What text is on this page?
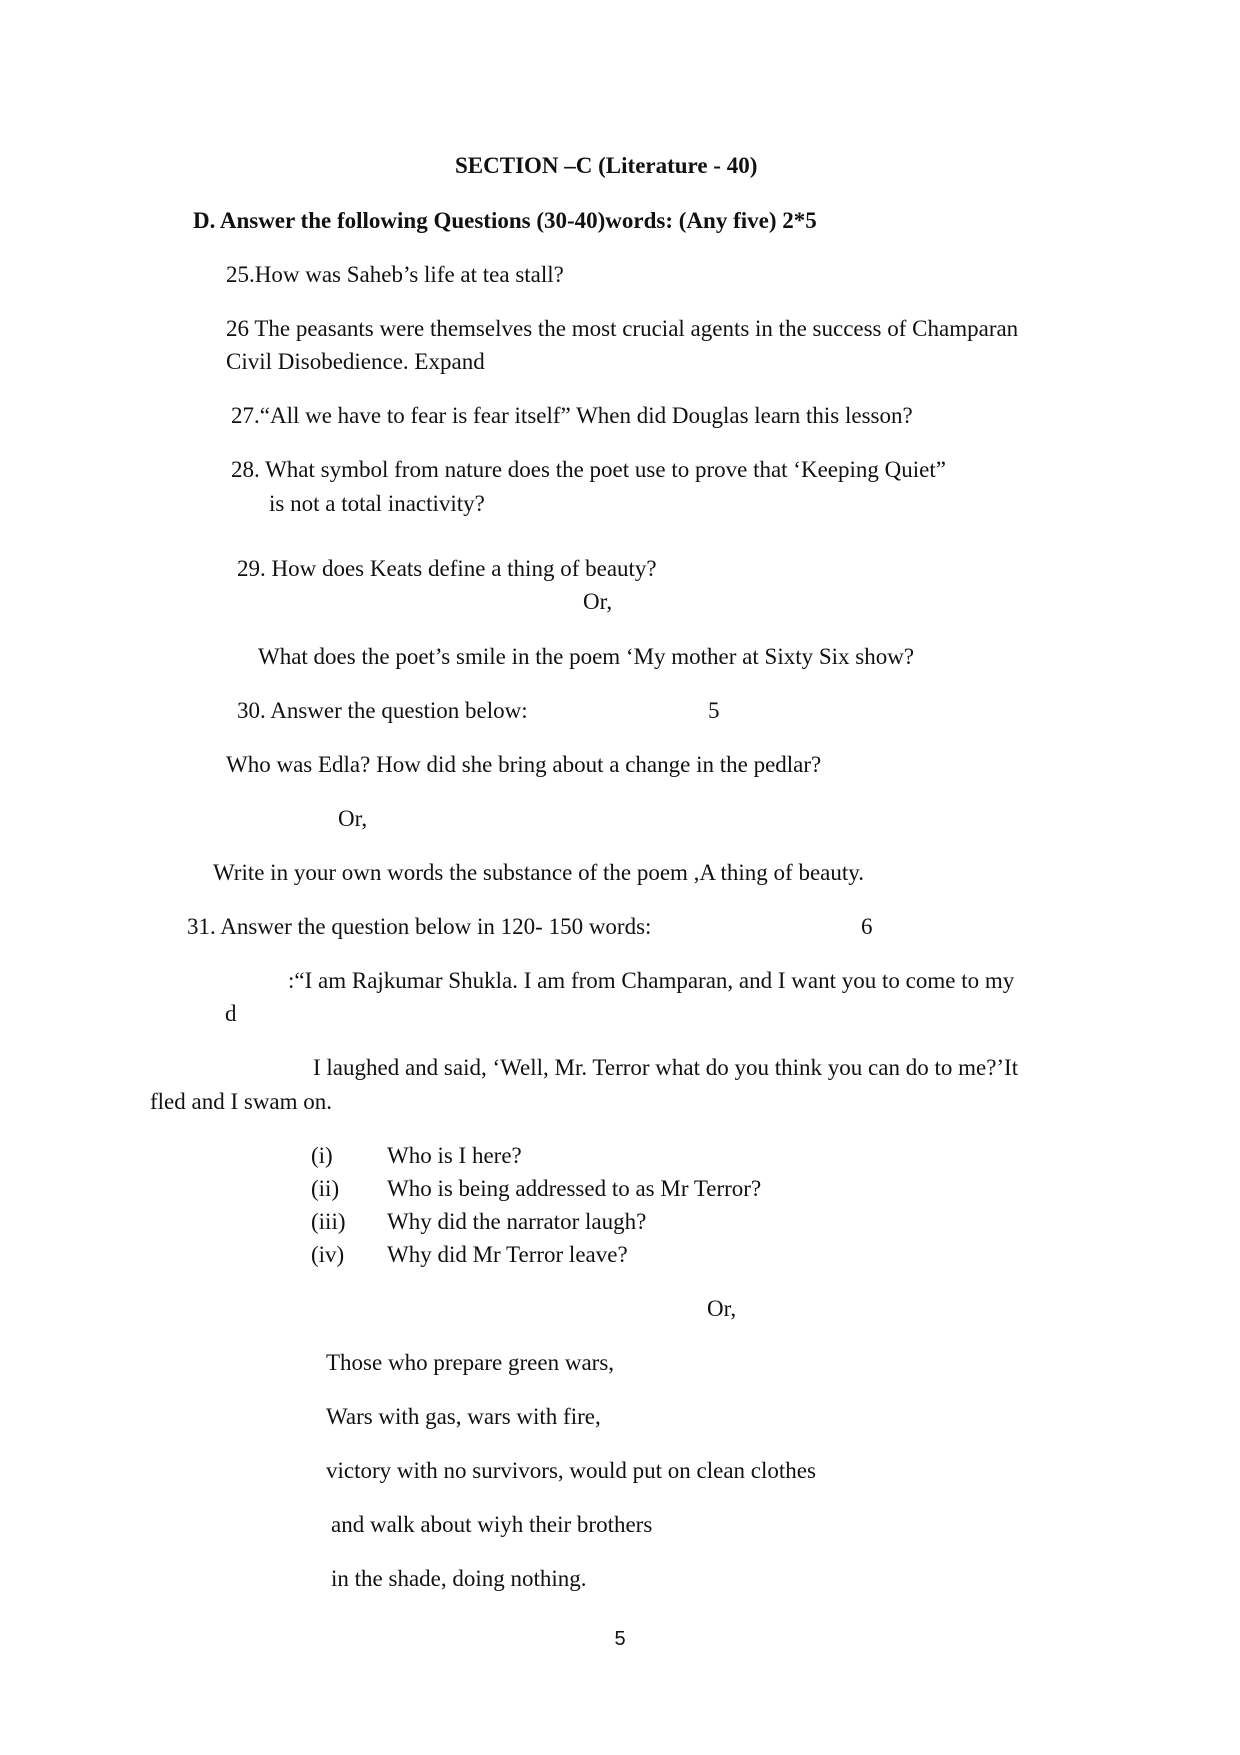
SECTION –C (Literature - 40)
D. Answer the following Questions (30-40)words: (Any five) 2*5
25.How was Saheb’s life at tea stall?
26 The peasants were themselves the most crucial agents in the success of Champaran
Civil Disobedience. Expand
27.“All we have to fear is fear itself” When did Douglas learn this lesson?
28. What symbol from nature does the poet use to prove that ‘Keeping Quiet”
is not a total inactivity?
29. How does Keats define a thing of beauty?
Or,
What does the poet’s smile in the poem ‘My mother at Sixty Six show?
30. Answer the question below:	5
Who was Edla? How did she bring about a change in the pedlar?
Or,
Write in your own words the substance of the poem ,A thing of beauty.
31. Answer the question below in 120- 150 words:	6
:“I am Rajkumar Shukla. I am from Champaran, and I want you to come to my
d
I laughed and said, ‘Well, Mr. Terror what do you think you can do to me?’It
fled and I swam on.
(i) Who is I here?
(ii) Who is being addressed to as Mr Terror?
(iii) Why did the narrator laugh?
(iv) Why did Mr Terror leave?
Or,
Those who prepare green wars,
Wars with gas, wars with fire,
victory with no survivors, would put on clean clothes
and walk about wiyh their brothers
in the shade, doing nothing.
5
